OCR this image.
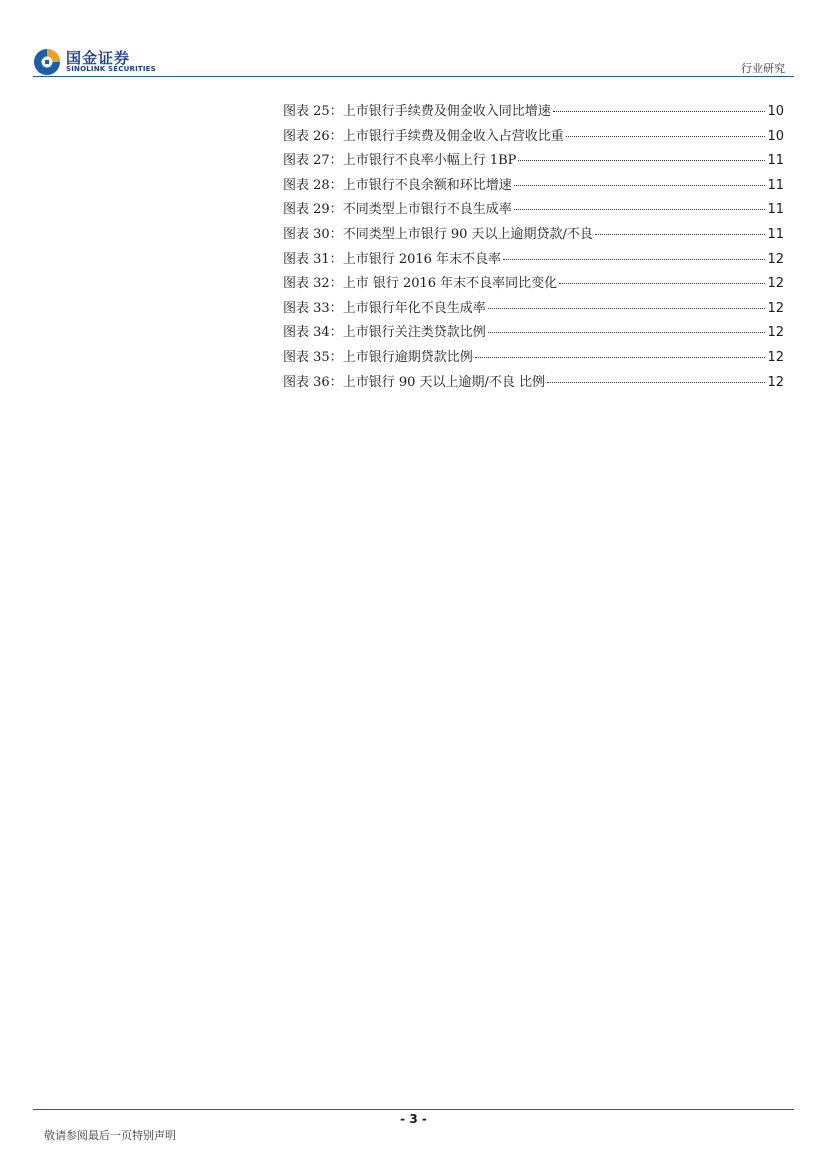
国金证券
SINOLINK SECURITIES	行业研究
图表 25： 上市银行手续费及佣金收入同比增速	10
图表 26： 上市银行手续费及佣金收入占营收比重	10
图表 27： 上市银行不良率小幅上行 1BP	11
图表 28： 上市银行不良余额和环比增速	11
图表 29： 不同类型上市银行不良生成率	11
图表 30： 不同类型上市银行 90 天以上逾期贷款/不良	11
图表 31： 上市银行 2016 年末不良率	12
图表 32： 上市 银行 2016 年末不良率同比变化	12
图表 33： 上市银行年化不良生成率	12
图表 34： 上市银行关注类贷款比例	12
图表 35： 上市银行逾期贷款比例	12
图表 36： 上市银行 90 天以上逾期/不良 比例	12
- 3 -
敬请参阅最后一页特别声明
